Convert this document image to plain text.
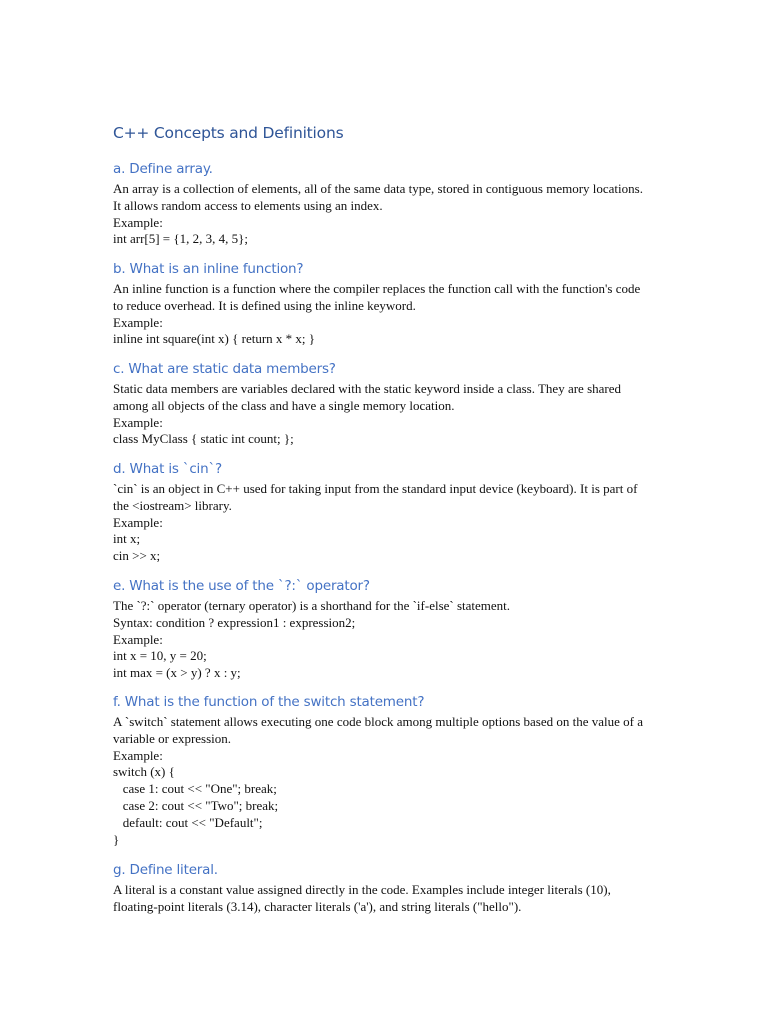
C++ Concepts and Definitions
a. Define array.

An array is a collection of elements, all of the same data type, stored in contiguous memory locations. It allows random access to elements using an index.

Example:
int arr[5] = {1, 2, 3, 4, 5};
b. What is an inline function?

An inline function is a function where the compiler replaces the function call with the function's code to reduce overhead. It is defined using the inline keyword.

Example:
inline int square(int x) { return x * x; }
c. What are static data members?

Static data members are variables declared with the static keyword inside a class. They are shared among all objects of the class and have a single memory location.

Example:
class MyClass { static int count; };
d. What is `cin`?

`cin` is an object in C++ used for taking input from the standard input device (keyboard). It is part of the <iostream> library.

Example:
int x;
cin >> x;
e. What is the use of the `?:` operator?

The `?:` operator (ternary operator) is a shorthand for the `if-else` statement.

Syntax: condition ? expression1 : expression2;
Example:
int x = 10, y = 20;
int max = (x > y) ? x : y;
f. What is the function of the switch statement?

A `switch` statement allows executing one code block among multiple options based on the value of a variable or expression.

Example:
switch (x) {
case 1: cout << "One"; break;
case 2: cout << "Two"; break;
default: cout << "Default";
}
g. Define literal.

A literal is a constant value assigned directly in the code. Examples include integer literals (10), floating-point literals (3.14), character literals ('a'), and string literals ("hello").
